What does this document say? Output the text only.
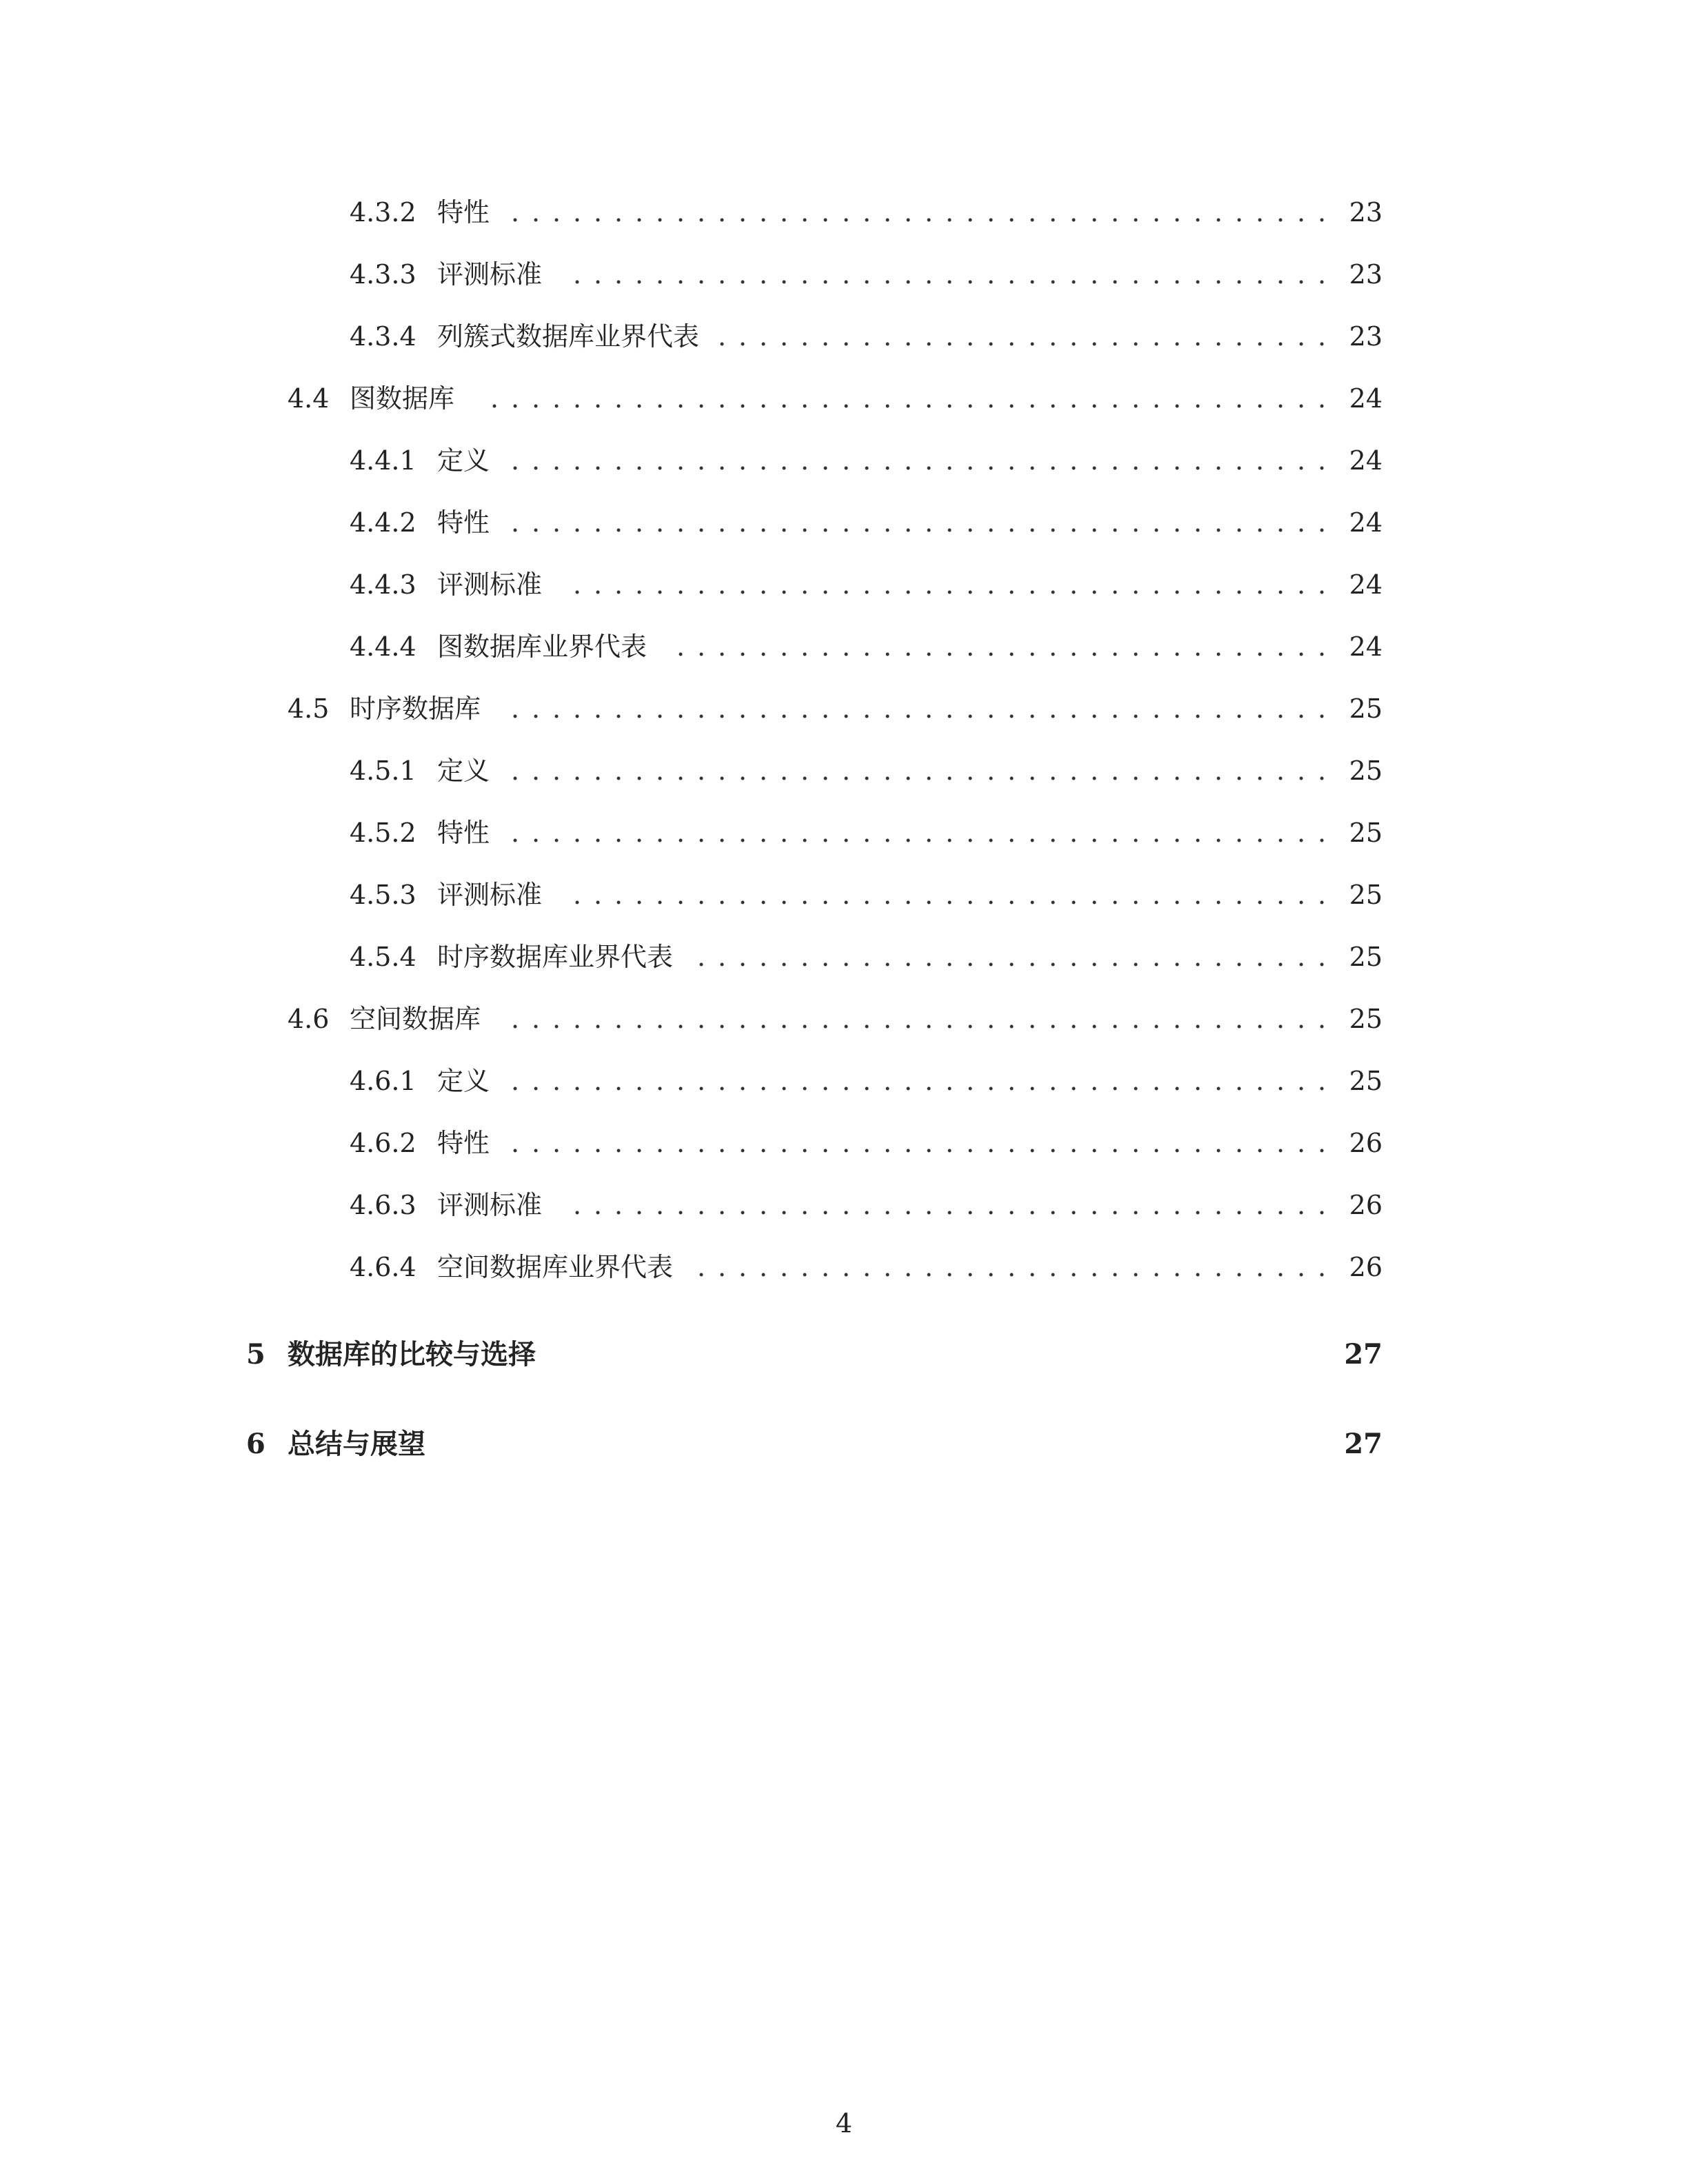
4.3.2 特性 . . . . . . . . . . . . . . . . . . . . . . . . . . . . . . . . . . . . . . . . 23
4.3.3 评测标准 . . . . . . . . . . . . . . . . . . . . . . . . . . . . . . . . . . . . . 23
4.3.4 列簇式数据库业界代表 . . . . . . . . . . . . . . . . . . . . . . . . . . . . . . 23
4.4 图数据库 . . . . . . . . . . . . . . . . . . . . . . . . . . . . . . . . . . . . . . . . . 24
4.4.1 定义 . . . . . . . . . . . . . . . . . . . . . . . . . . . . . . . . . . . . . . . . 24
4.4.2 特性 . . . . . . . . . . . . . . . . . . . . . . . . . . . . . . . . . . . . . . . . 24
4.4.3 评测标准 . . . . . . . . . . . . . . . . . . . . . . . . . . . . . . . . . . . . . 24
4.4.4 图数据库业界代表 . . . . . . . . . . . . . . . . . . . . . . . . . . . . . . . . 24
4.5 时序数据库 . . . . . . . . . . . . . . . . . . . . . . . . . . . . . . . . . . . . . . . . 25
4.5.1 定义 . . . . . . . . . . . . . . . . . . . . . . . . . . . . . . . . . . . . . . . . 25
4.5.2 特性 . . . . . . . . . . . . . . . . . . . . . . . . . . . . . . . . . . . . . . . . 25
4.5.3 评测标准 . . . . . . . . . . . . . . . . . . . . . . . . . . . . . . . . . . . . . 25
4.5.4 时序数据库业界代表 . . . . . . . . . . . . . . . . . . . . . . . . . . . . . . . 25
4.6 空间数据库 . . . . . . . . . . . . . . . . . . . . . . . . . . . . . . . . . . . . . . . . 25
4.6.1 定义 . . . . . . . . . . . . . . . . . . . . . . . . . . . . . . . . . . . . . . . . 25
4.6.2 特性 . . . . . . . . . . . . . . . . . . . . . . . . . . . . . . . . . . . . . . . . 26
4.6.3 评测标准 . . . . . . . . . . . . . . . . . . . . . . . . . . . . . . . . . . . . . 26
4.6.4 空间数据库业界代表 . . . . . . . . . . . . . . . . . . . . . . . . . . . . . . . 26
5 数据库的比较与选择	27
6 总结与展望	27
4
